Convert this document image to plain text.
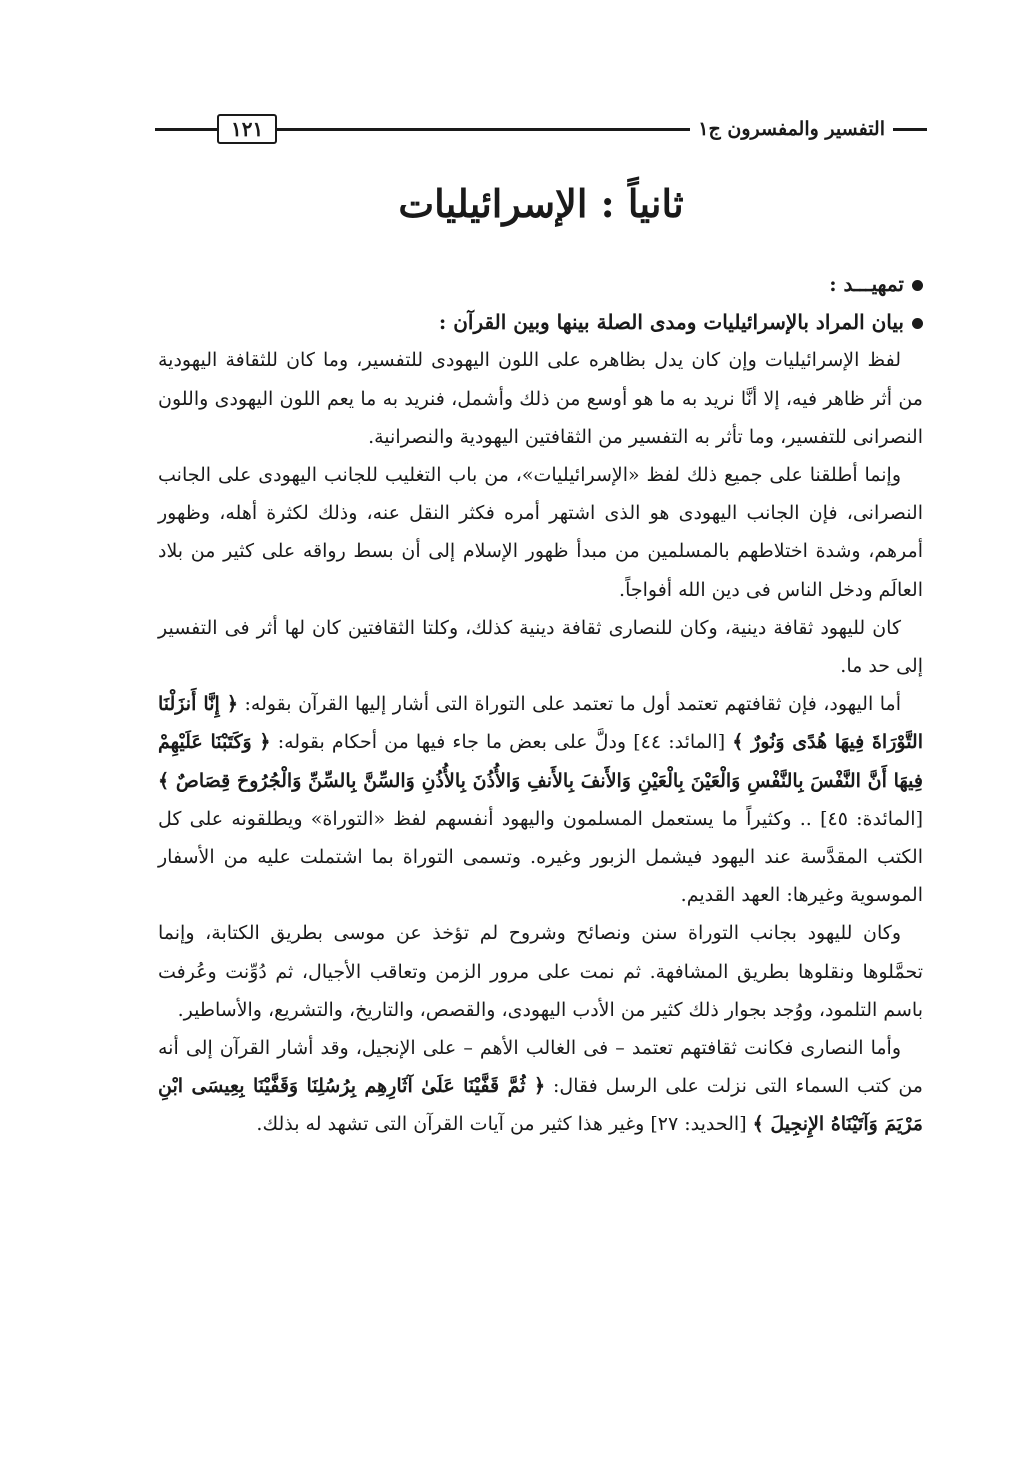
التفسير والمفسرون ج١
١٢١
ثانياً : الإسرائيليات

تمهيـــد :

بيان المراد بالإسرائيليات ومدى الصلة بينها وبين القرآن :

لفظ الإسرائيليات وإن كان يدل بظاهره على اللون اليهودى للتفسير، وما كان للثقافة اليهودية من أثر ظاهر فيه، إلا أنَّا نريد به ما هو أوسع من ذلك وأشمل، فنريد به ما يعم اللون اليهودى واللون النصرانى للتفسير، وما تأثر به التفسير من الثقافتين اليهودية والنصرانية.

وإنما أطلقنا على جميع ذلك لفظ «الإسرائيليات»، من باب التغليب للجانب اليهودى على الجانب النصرانى، فإن الجانب اليهودى هو الذى اشتهر أمره فكثر النقل عنه، وذلك لكثرة أهله، وظهور أمرهم، وشدة اختلاطهم بالمسلمين من مبدأ ظهور الإسلام إلى أن بسط رواقه على كثير من بلاد العالَم ودخل الناس فى دين الله أفواجاً.

كان لليهود ثقافة دينية، وكان للنصارى ثقافة دينية كذلك، وكلتا الثقافتين كان لها أثر فى التفسير إلى حد ما.

أما اليهود، فإن ثقافتهم تعتمد أول ما تعتمد على التوراة التى أشار إليها القرآن بقوله: ﴿ إِنَّا أَنزَلْنَا التَّوْرَاةَ فِيهَا هُدًى وَنُورٌ ﴾ [المائد: ٤٤] ودلَّ على بعض ما جاء فيها من أحكام بقوله: ﴿ وَكَتَبْنَا عَلَيْهِمْ فِيهَا أَنَّ النَّفْسَ بِالنَّفْسِ وَالْعَيْنَ بِالْعَيْنِ وَالأَنفَ بِالأَنفِ وَالأُذُنَ بِالأُذُنِ وَالسِّنَّ بِالسِّنِّ وَالْجُرُوحَ قِصَاصٌ ﴾ [المائدة: ٤٥] .. وكثيراً ما يستعمل المسلمون واليهود أنفسهم لفظ «التوراة» ويطلقونه على كل الكتب المقدَّسة عند اليهود فيشمل الزبور وغيره. وتسمى التوراة بما اشتملت عليه من الأسفار الموسوية وغيرها: العهد القديم.

وكان لليهود بجانب التوراة سنن ونصائح وشروح لم تؤخذ عن موسى بطريق الكتابة، وإنما تحمَّلوها ونقلوها بطريق المشافهة. ثم نمت على مرور الزمن وتعاقب الأجيال، ثم دُوِّنت وعُرفت باسم التلمود، ووُجد بجوار ذلك كثير من الأدب اليهودى، والقصص، والتاريخ، والتشريع، والأساطير.

وأما النصارى فكانت ثقافتهم تعتمد – فى الغالب الأهم – على الإنجيل، وقد أشار القرآن إلى أنه من كتب السماء التى نزلت على الرسل فقال: ﴿ ثُمَّ قَفَّيْنَا عَلَىٰ آثَارِهِم بِرُسُلِنَا وَقَفَّيْنَا بِعِيسَى ابْنِ مَرْيَمَ وَآتَيْنَاهُ الإِنجِيلَ ﴾ [الحديد: ٢٧] وغير هذا كثير من آيات القرآن التى تشهد له بذلك.
